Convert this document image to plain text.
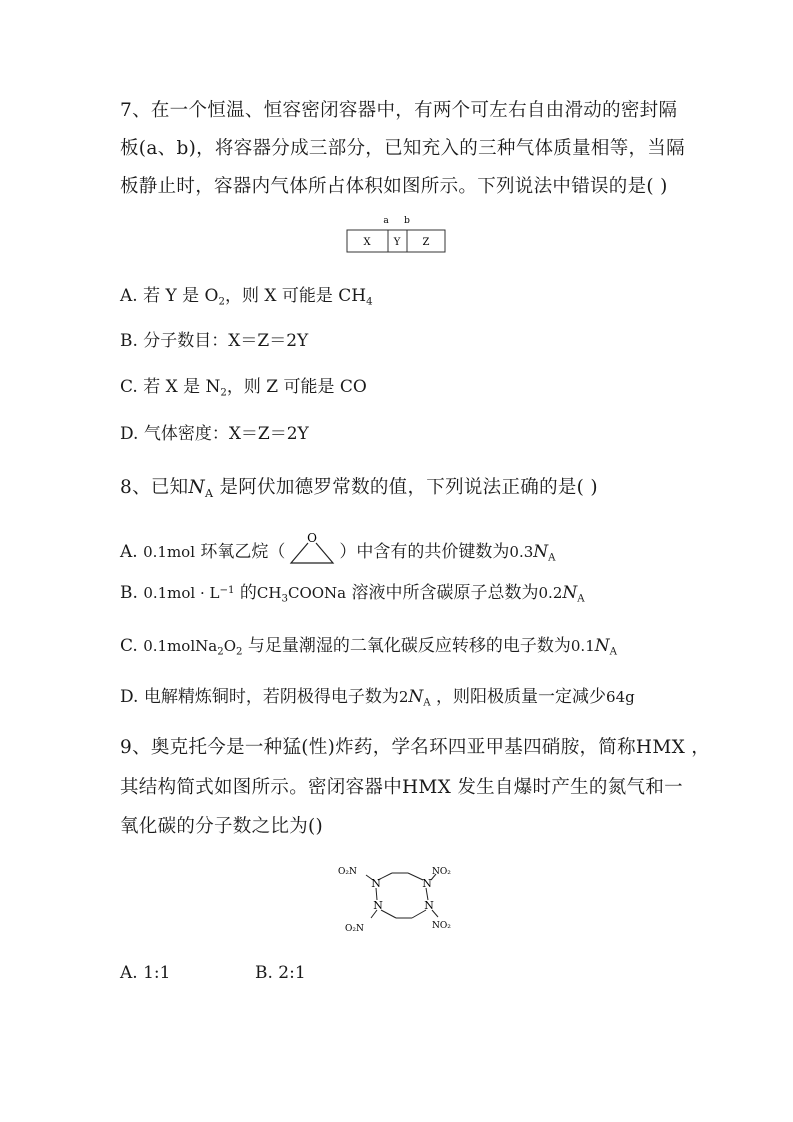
7、在一个恒温、恒容密闭容器中，有两个可左右自由滑动的密封隔
板(a、b)，将容器分成三部分，已知充入的三种气体质量相等，当隔
板静止时，容器内气体所占体积如图所示。下列说法中错误的是( )
a b
X Y Z
A. 若 Y 是 $O_2$，则 X 可能是 $CH_4$
B. 分子数目：X＝Z＝2Y
C. 若 X 是 $N_2$，则 Z 可能是 CO
D. 气体密度：X＝Z＝2Y
8、已知$N_A$ 是阿伏加德罗常数的值，下列说法正确的是( )
A. 0.1mol 环氧乙烷（
O
）中含有的共价键数为$0.3N_A$
B. $0.1mol \cdot L^{-1}$ 的$CH_3COONa$ 溶液中所含碳原子总数为$0.2N_A$
C. $0.1molNa_2O_2$ 与足量潮湿的二氧化碳反应转移的电子数为$0.1N_A$
D. 电解精炼铜时，若阴极得电子数为$2N_A$ ，则阳极质量一定减少64g
9、奥克托今是一种猛(性)炸药，学名环四亚甲基四硝胺，简称HMX ，
其结构简式如图所示。密闭容器中HMX 发生自爆时产生的氮气和一
氧化碳的分子数之比为()
N	N
N
N
O₂N	NO₂
O₂N	NO₂
A. 1:1	B. 2:1
